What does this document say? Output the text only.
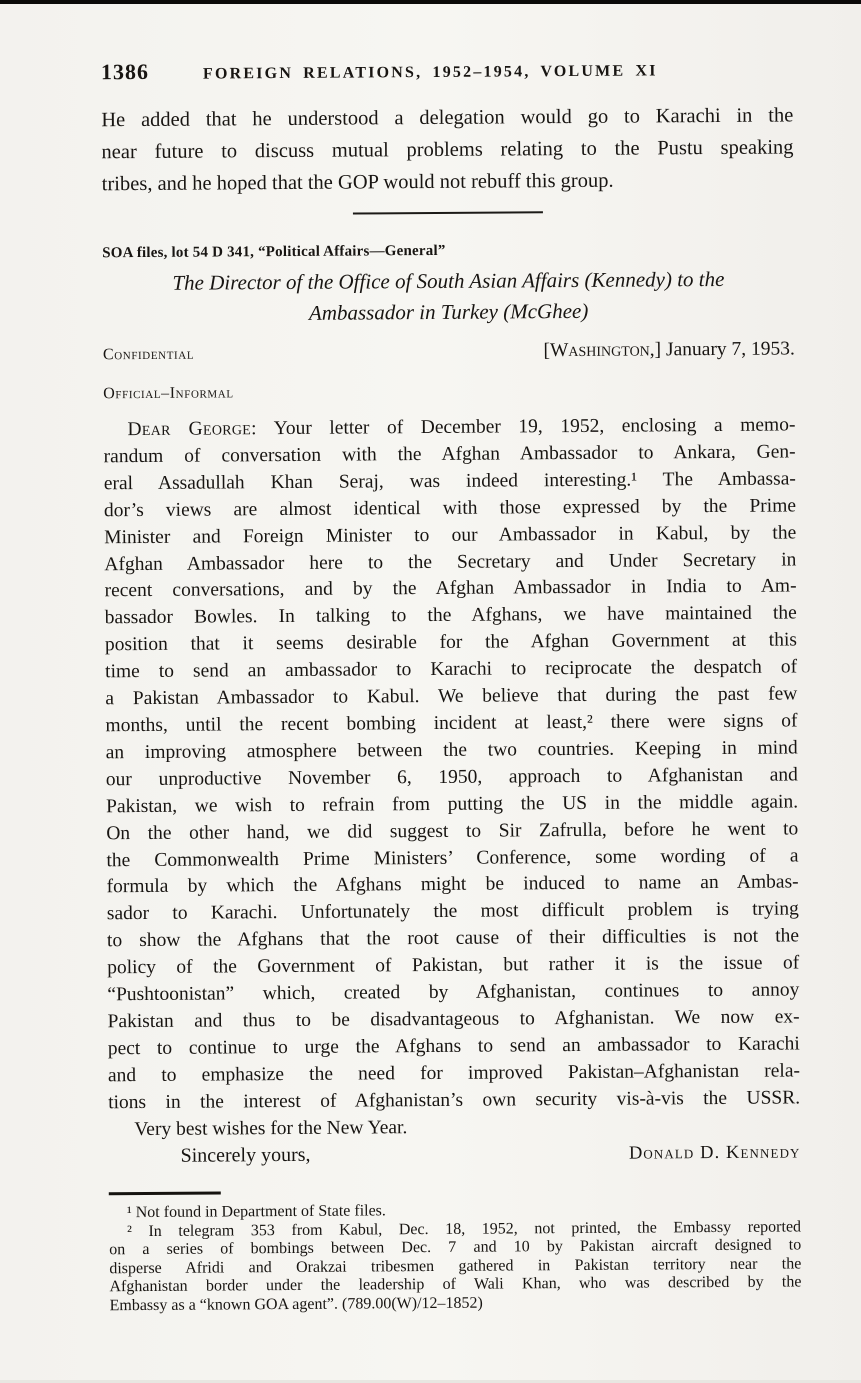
1386	FOREIGN RELATIONS, 1952–1954, VOLUME XI
He added that he understood a delegation would go to Karachi in the
near future to discuss mutual problems relating to the Pustu speaking
tribes, and he hoped that the GOP would not rebuff this group.
SOA files, lot 54 D 341, “Political Affairs—General”
The Director of the Office of South Asian Affairs (Kennedy) to the
Ambassador in Turkey (McGhee)
Confidential	[Washington,] January 7, 1953.
Official–Informal
Dear George: Your letter of December 19, 1952, enclosing a memo-
randum of conversation with the Afghan Ambassador to Ankara, Gen-
eral Assadullah Khan Seraj, was indeed interesting.¹ The Ambassa-
dor’s views are almost identical with those expressed by the Prime
Minister and Foreign Minister to our Ambassador in Kabul, by the
Afghan Ambassador here to the Secretary and Under Secretary in
recent conversations, and by the Afghan Ambassador in India to Am-
bassador Bowles. In talking to the Afghans, we have maintained the
position that it seems desirable for the Afghan Government at this
time to send an ambassador to Karachi to reciprocate the despatch of
a Pakistan Ambassador to Kabul. We believe that during the past few
months, until the recent bombing incident at least,² there were signs of
an improving atmosphere between the two countries. Keeping in mind
our unproductive November 6, 1950, approach to Afghanistan and
Pakistan, we wish to refrain from putting the US in the middle again.
On the other hand, we did suggest to Sir Zafrulla, before he went to
the Commonwealth Prime Ministers’ Conference, some wording of a
formula by which the Afghans might be induced to name an Ambas-
sador to Karachi. Unfortunately the most difficult problem is trying
to show the Afghans that the root cause of their difficulties is not the
policy of the Government of Pakistan, but rather it is the issue of
“Pushtoonistan” which, created by Afghanistan, continues to annoy
Pakistan and thus to be disadvantageous to Afghanistan. We now ex-
pect to continue to urge the Afghans to send an ambassador to Karachi
and to emphasize the need for improved Pakistan–Afghanistan rela-
tions in the interest of Afghanistan’s own security vis-à-vis the USSR.
Very best wishes for the New Year.
Sincerely yours,	Donald D. Kennedy
¹ Not found in Department of State files.
² In telegram 353 from Kabul, Dec. 18, 1952, not printed, the Embassy reported
on a series of bombings between Dec. 7 and 10 by Pakistan aircraft designed to
disperse Afridi and Orakzai tribesmen gathered in Pakistan territory near the
Afghanistan border under the leadership of Wali Khan, who was described by the
Embassy as a “known GOA agent”. (789.00(W)/12–1852)
